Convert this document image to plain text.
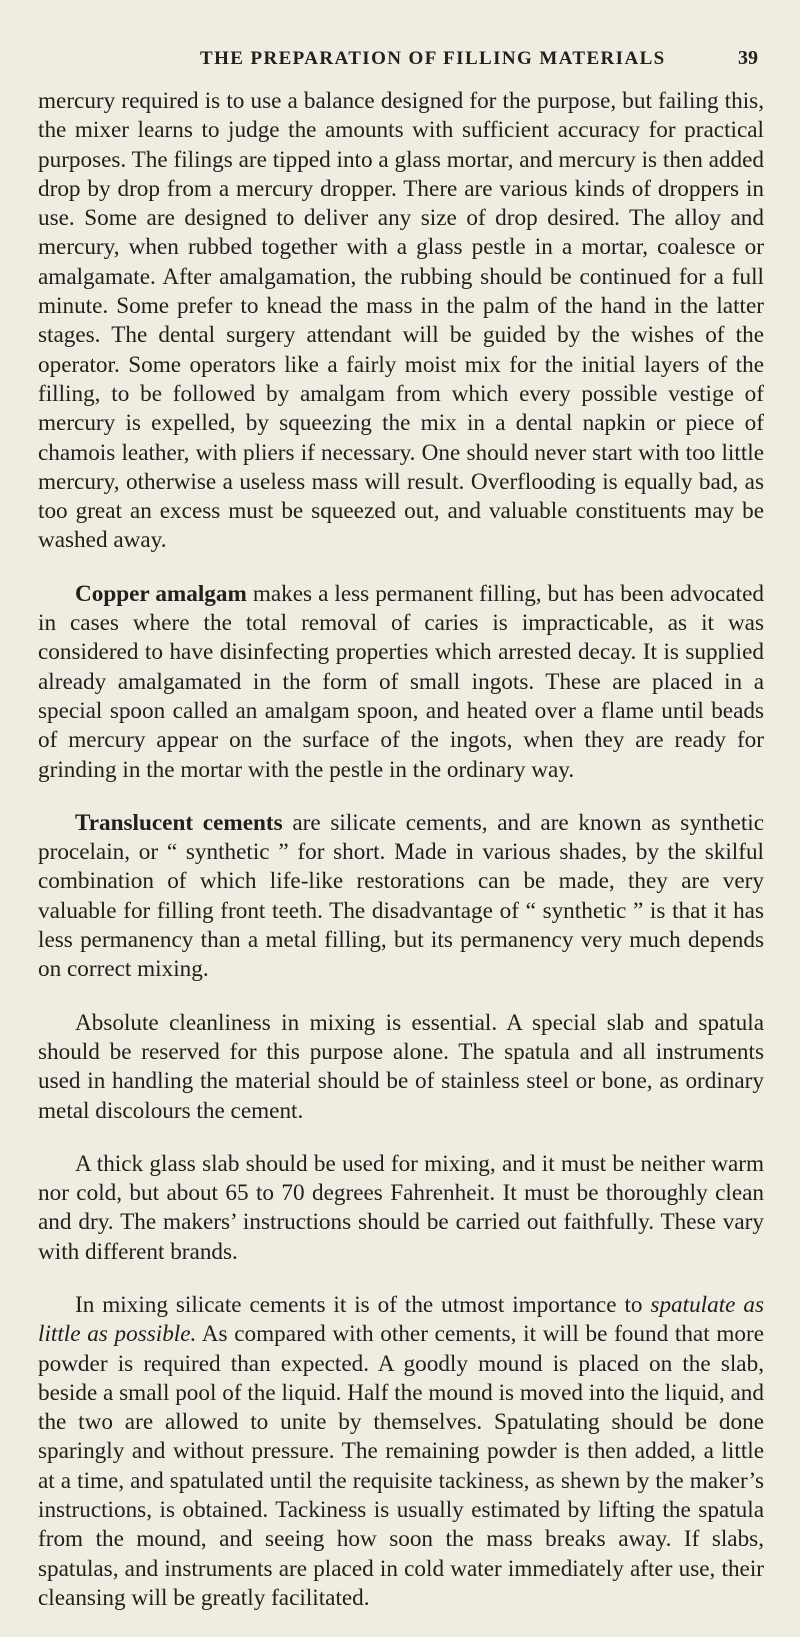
THE PREPARATION OF FILLING MATERIALS	39

mercury required is to use a balance designed for the purpose, but failing this, the mixer learns to judge the amounts with sufficient accuracy for practical purposes. The filings are tipped into a glass mortar, and mercury is then added drop by drop from a mercury dropper. There are various kinds of droppers in use. Some are designed to deliver any size of drop desired. The alloy and mercury, when rubbed together with a glass pestle in a mortar, coalesce or amalgamate. After amalgamation, the rubbing should be continued for a full minute. Some prefer to knead the mass in the palm of the hand in the latter stages. The dental surgery attendant will be guided by the wishes of the operator. Some operators like a fairly moist mix for the initial layers of the filling, to be followed by amalgam from which every possible vestige of mercury is expelled, by squeezing the mix in a dental napkin or piece of chamois leather, with pliers if necessary. One should never start with too little mercury, otherwise a useless mass will result. Overflooding is equally bad, as too great an excess must be squeezed out, and valuable constituents may be washed away.

Copper amalgam makes a less permanent filling, but has been advocated in cases where the total removal of caries is impracticable, as it was considered to have disinfecting properties which arrested decay. It is supplied already amalgamated in the form of small ingots. These are placed in a special spoon called an amalgam spoon, and heated over a flame until beads of mercury appear on the surface of the ingots, when they are ready for grinding in the mortar with the pestle in the ordinary way.

Translucent cements are silicate cements, and are known as synthetic procelain, or “ synthetic ” for short. Made in various shades, by the skilful combination of which life-like restorations can be made, they are very valuable for filling front teeth. The disadvantage of “ synthetic ” is that it has less permanency than a metal filling, but its permanency very much depends on correct mixing.

Absolute cleanliness in mixing is essential. A special slab and spatula should be reserved for this purpose alone. The spatula and all instruments used in handling the material should be of stainless steel or bone, as ordinary metal discolours the cement.

A thick glass slab should be used for mixing, and it must be neither warm nor cold, but about 65 to 70 degrees Fahrenheit. It must be thoroughly clean and dry. The makers’ instructions should be carried out faithfully. These vary with different brands.

In mixing silicate cements it is of the utmost importance to spatulate as little as possible. As compared with other cements, it will be found that more powder is required than expected. A goodly mound is placed on the slab, beside a small pool of the liquid. Half the mound is moved into the liquid, and the two are allowed to unite by themselves. Spatulating should be done sparingly and without pressure. The remaining powder is then added, a little at a time, and spatulated until the requisite tackiness, as shewn by the maker’s instructions, is obtained. Tackiness is usually estimated by lifting the spatula from the mound, and seeing how soon the mass breaks away. If slabs, spatulas, and instruments are placed in cold water immediately after use, their cleansing will be greatly facilitated.
